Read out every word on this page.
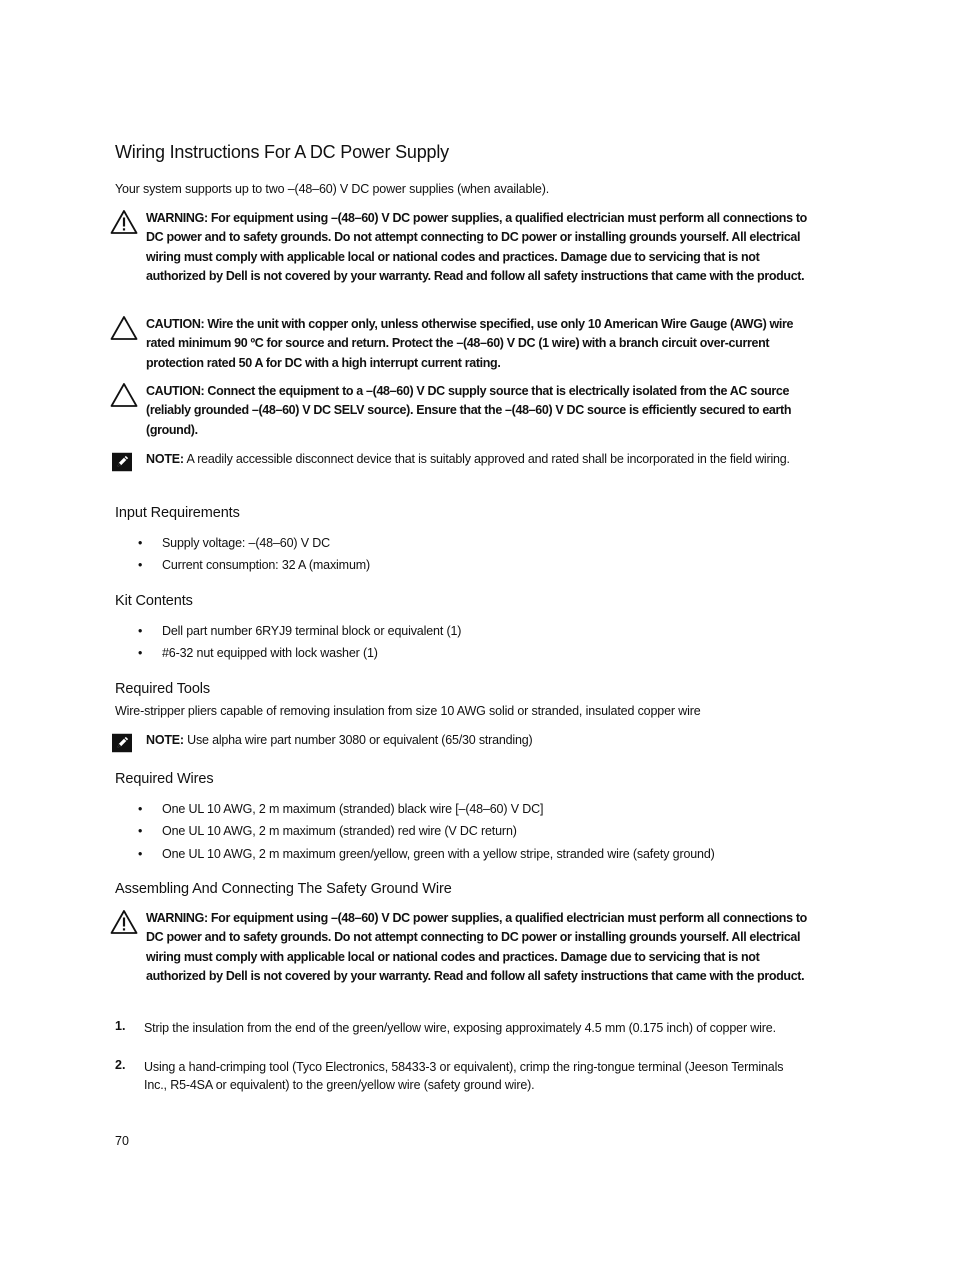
Wiring Instructions For A DC Power Supply
Your system supports up to two –(48–60) V DC power supplies (when available).
WARNING: For equipment using –(48–60) V DC power supplies, a qualified electrician must perform all connections to DC power and to safety grounds. Do not attempt connecting to DC power or installing grounds yourself. All electrical wiring must comply with applicable local or national codes and practices. Damage due to servicing that is not authorized by Dell is not covered by your warranty. Read and follow all safety instructions that came with the product.
CAUTION: Wire the unit with copper only, unless otherwise specified, use only 10 American Wire Gauge (AWG) wire rated minimum 90 ºC for source and return. Protect the –(48–60) V DC (1 wire) with a branch circuit over-current protection rated 50 A for DC with a high interrupt current rating.
CAUTION: Connect the equipment to a –(48–60) V DC supply source that is electrically isolated from the AC source (reliably grounded –(48–60) V DC SELV source). Ensure that the –(48–60) V DC source is efficiently secured to earth (ground).
NOTE: A readily accessible disconnect device that is suitably approved and rated shall be incorporated in the field wiring.
Input Requirements
• Supply voltage: –(48–60) V DC
• Current consumption: 32 A (maximum)
Kit Contents
• Dell part number 6RYJ9 terminal block or equivalent (1)
• #6-32 nut equipped with lock washer (1)
Required Tools
Wire-stripper pliers capable of removing insulation from size 10 AWG solid or stranded, insulated copper wire
NOTE: Use alpha wire part number 3080 or equivalent (65/30 stranding)
Required Wires
• One UL 10 AWG, 2 m maximum (stranded) black wire [–(48–60) V DC]
• One UL 10 AWG, 2 m maximum (stranded) red wire (V DC return)
• One UL 10 AWG, 2 m maximum green/yellow, green with a yellow stripe, stranded wire (safety ground)
Assembling And Connecting The Safety Ground Wire
WARNING: For equipment using –(48–60) V DC power supplies, a qualified electrician must perform all connections to DC power and to safety grounds. Do not attempt connecting to DC power or installing grounds yourself. All electrical wiring must comply with applicable local or national codes and practices. Damage due to servicing that is not authorized by Dell is not covered by your warranty. Read and follow all safety instructions that came with the product.
1. Strip the insulation from the end of the green/yellow wire, exposing approximately 4.5 mm (0.175 inch) of copper wire.
2. Using a hand-crimping tool (Tyco Electronics, 58433-3 or equivalent), crimp the ring-tongue terminal (Jeeson Terminals Inc., R5-4SA or equivalent) to the green/yellow wire (safety ground wire).
70
